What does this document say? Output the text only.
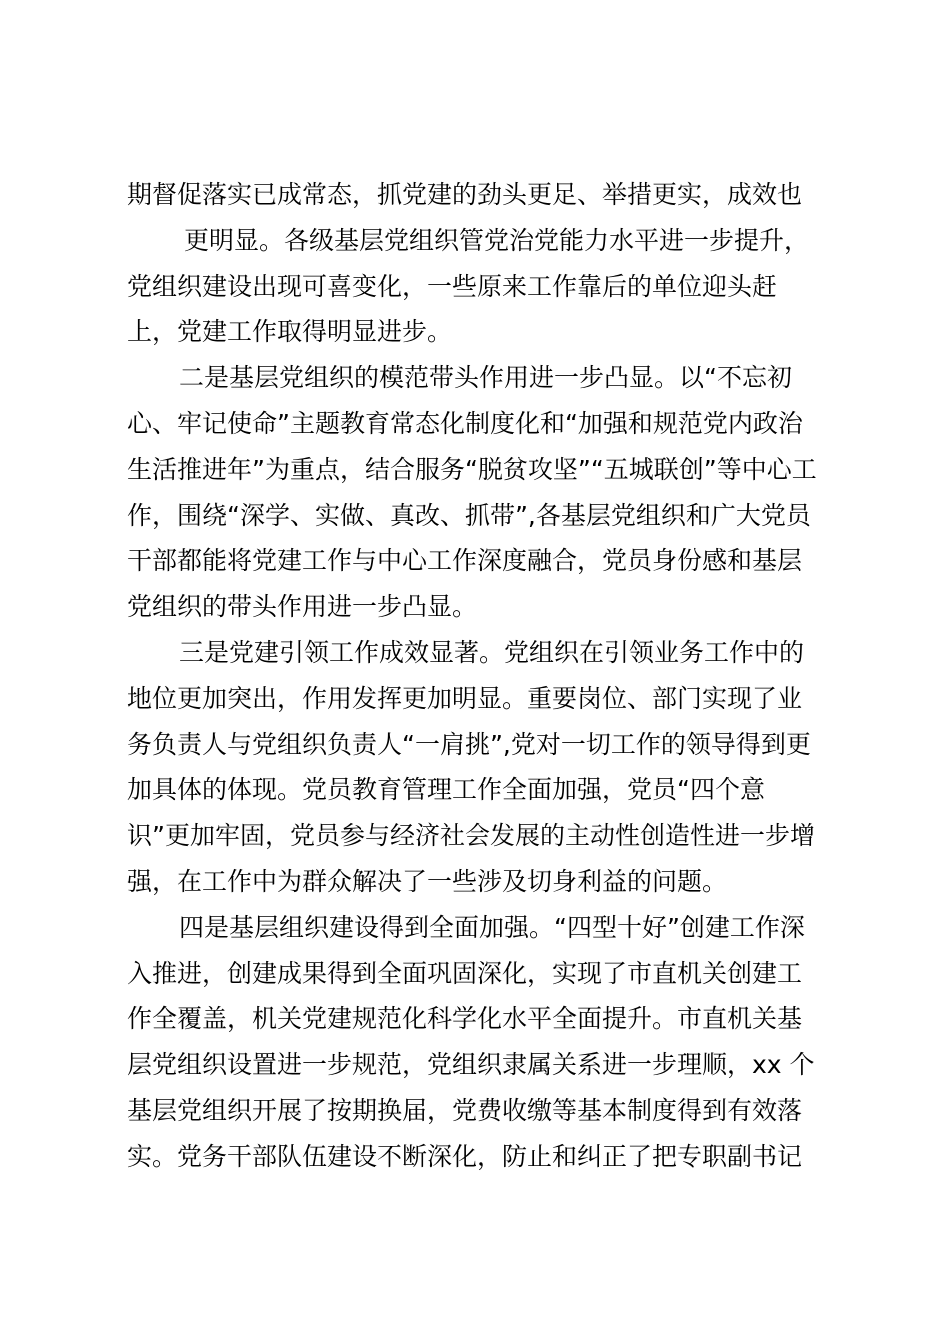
期督促落实已成常态，抓党建的劲头更足、举措更实，成效也
更明显。各级基层党组织管党治党能力水平进一步提升，
党组织建设出现可喜变化，一些原来工作靠后的单位迎头赶
上，党建工作取得明显进步。
二是基层党组织的模范带头作用进一步凸显。以“不忘初
心、牢记使命”主题教育常态化制度化和“加强和规范党内政治
生活推进年”为重点，结合服务“脱贫攻坚”“五城联创”等中心工
作，围绕“深学、实做、真改、抓带”,各基层党组织和广大党员
干部都能将党建工作与中心工作深度融合，党员身份感和基层
党组织的带头作用进一步凸显。
三是党建引领工作成效显著。党组织在引领业务工作中的
地位更加突出，作用发挥更加明显。重要岗位、部门实现了业
务负责人与党组织负责人“一肩挑”,党对一切工作的领导得到更
加具体的体现。党员教育管理工作全面加强，党员“四个意
识”更加牢固，党员参与经济社会发展的主动性创造性进一步增
强，在工作中为群众解决了一些涉及切身利益的问题。
四是基层组织建设得到全面加强。“四型十好”创建工作深
入推进，创建成果得到全面巩固深化，实现了市直机关创建工
作全覆盖，机关党建规范化科学化水平全面提升。市直机关基
层党组织设置进一步规范，党组织隶属关系进一步理顺，xx 个
基层党组织开展了按期换届，党费收缴等基本制度得到有效落
实。党务干部队伍建设不断深化，防止和纠正了把专职副书记
